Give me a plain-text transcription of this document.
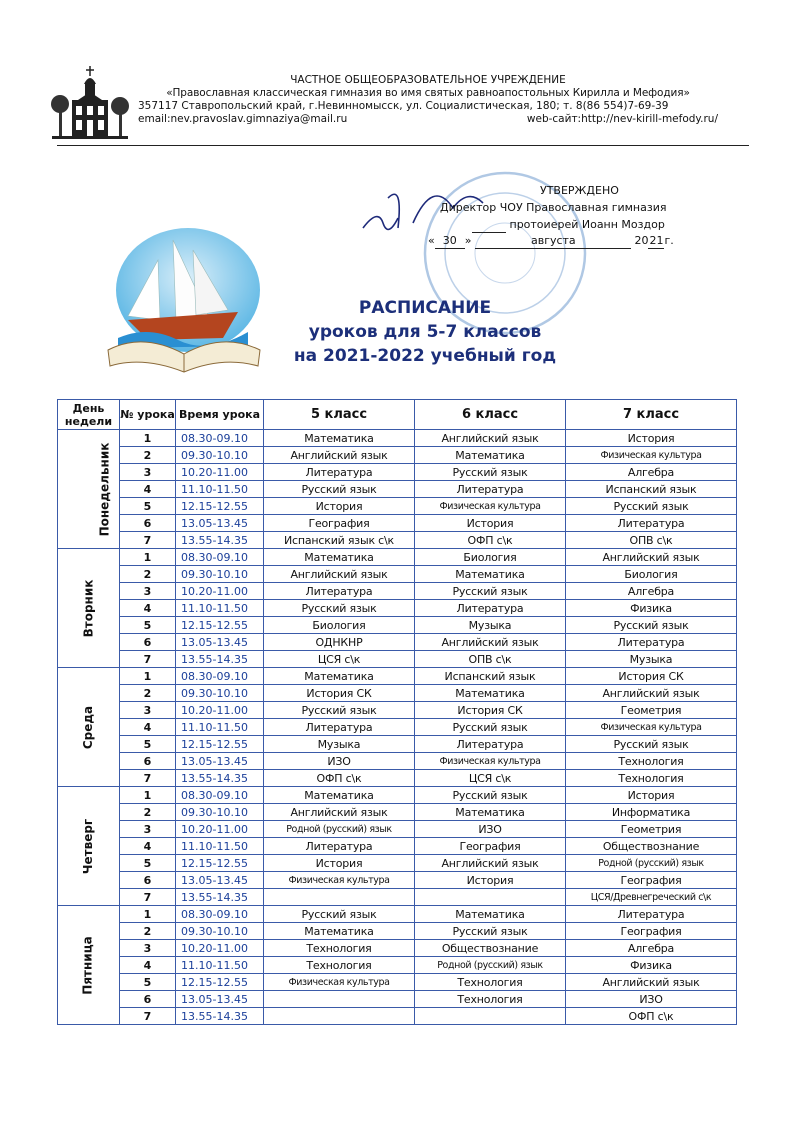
ЧАСТНОЕ ОБЩЕОБРАЗОВАТЕЛЬНОЕ УЧРЕЖДЕНИЕ
«Православная классическая гимназия во имя святых равноапостольных Кирилла и Мефодия»
357117 Ставропольский край, г.Невинномысск, ул. Социалистическая, 180; т. 8(86 554)7-69-39
email:nev.pravoslav.gimnaziya@mail.ru	web-сайт:http://nev-kirill-mefody.ru/
УТВЕРЖДЕНО
Директор ЧОУ Православная гимназия
протоиерей Иоанн Моздор
« 30 »	августа	2021г.
РАСПИСАНИЕ
уроков для 5-7 классов
на 2021-2022 учебный год
День недели	№ урока	Время урока	5 класс	6 класс	7 класс
Понедельник	1	08.30-09.10	Математика	Английский язык	История
	2	09.30-10.10	Английский язык	Математика	Физическая культура
	3	10.20-11.00	Литература	Русский язык	Алгебра
	4	11.10-11.50	Русский язык	Литература	Испанский язык
	5	12.15-12.55	История	Физическая культура	Русский язык
	6	13.05-13.45	География	История	Литература
	7	13.55-14.35	Испанский язык с\к	ОФП с\к	ОПВ с\к
Вторник	1	08.30-09.10	Математика	Биология	Английский язык
	2	09.30-10.10	Английский язык	Математика	Биология
	3	10.20-11.00	Литература	Русский язык	Алгебра
	4	11.10-11.50	Русский язык	Литература	Физика
	5	12.15-12.55	Биология	Музыка	Русский язык
	6	13.05-13.45	ОДНКНР	Английский язык	Литература
	7	13.55-14.35	ЦСЯ с\к	ОПВ с\к	Музыка
Среда	1	08.30-09.10	Математика	Испанский язык	История СК
	2	09.30-10.10	История СК	Математика	Английский язык
	3	10.20-11.00	Русский язык	История СК	Геометрия
	4	11.10-11.50	Литература	Русский язык	Физическая культура
	5	12.15-12.55	Музыка	Литература	Русский язык
	6	13.05-13.45	ИЗО	Физическая культура	Технология
	7	13.55-14.35	ОФП с\к	ЦСЯ с\к	Технология
Четверг	1	08.30-09.10	Математика	Русский язык	История
	2	09.30-10.10	Английский язык	Математика	Информатика
	3	10.20-11.00	Родной (русский) язык	ИЗО	Геометрия
	4	11.10-11.50	Литература	География	Обществознание
	5	12.15-12.55	История	Английский язык	Родной (русский) язык
	6	13.05-13.45	Физическая культура	История	География
	7	13.55-14.35			ЦСЯ/Древнегреческий с\к
Пятница	1	08.30-09.10	Русский язык	Математика	Литература
	2	09.30-10.10	Математика	Русский язык	География
	3	10.20-11.00	Технология	Обществознание	Алгебра
	4	11.10-11.50	Технология	Родной (русский) язык	Физика
	5	12.15-12.55	Физическая культура	Технология	Английский язык
	6	13.05-13.45		Технология	ИЗО
	7	13.55-14.35			ОФП с\к
